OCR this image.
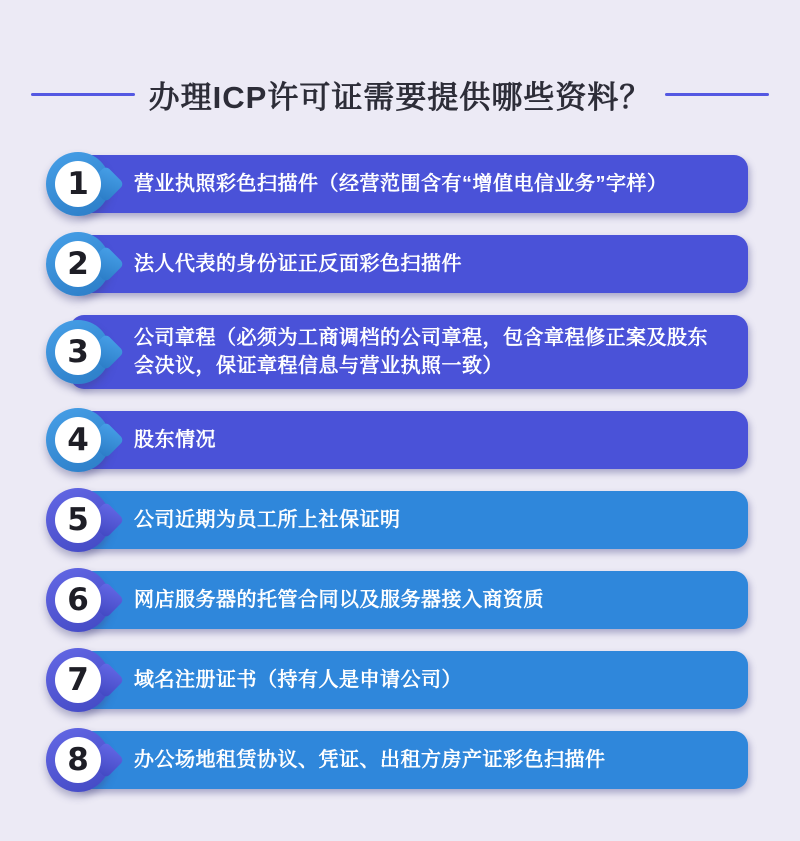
办理ICP许可证需要提供哪些资料？
1	营业执照彩色扫描件（经营范围含有“增值电信业务”字样）
2	法人代表的身份证正反面彩色扫描件
3	公司章程（必须为工商调档的公司章程，包含章程修正案及股东会决议，保证章程信息与营业执照一致）
4	股东情况
5	公司近期为员工所上社保证明
6	网店服务器的托管合同以及服务器接入商资质
7	域名注册证书（持有人是申请公司）
8	办公场地租赁协议、凭证、出租方房产证彩色扫描件
